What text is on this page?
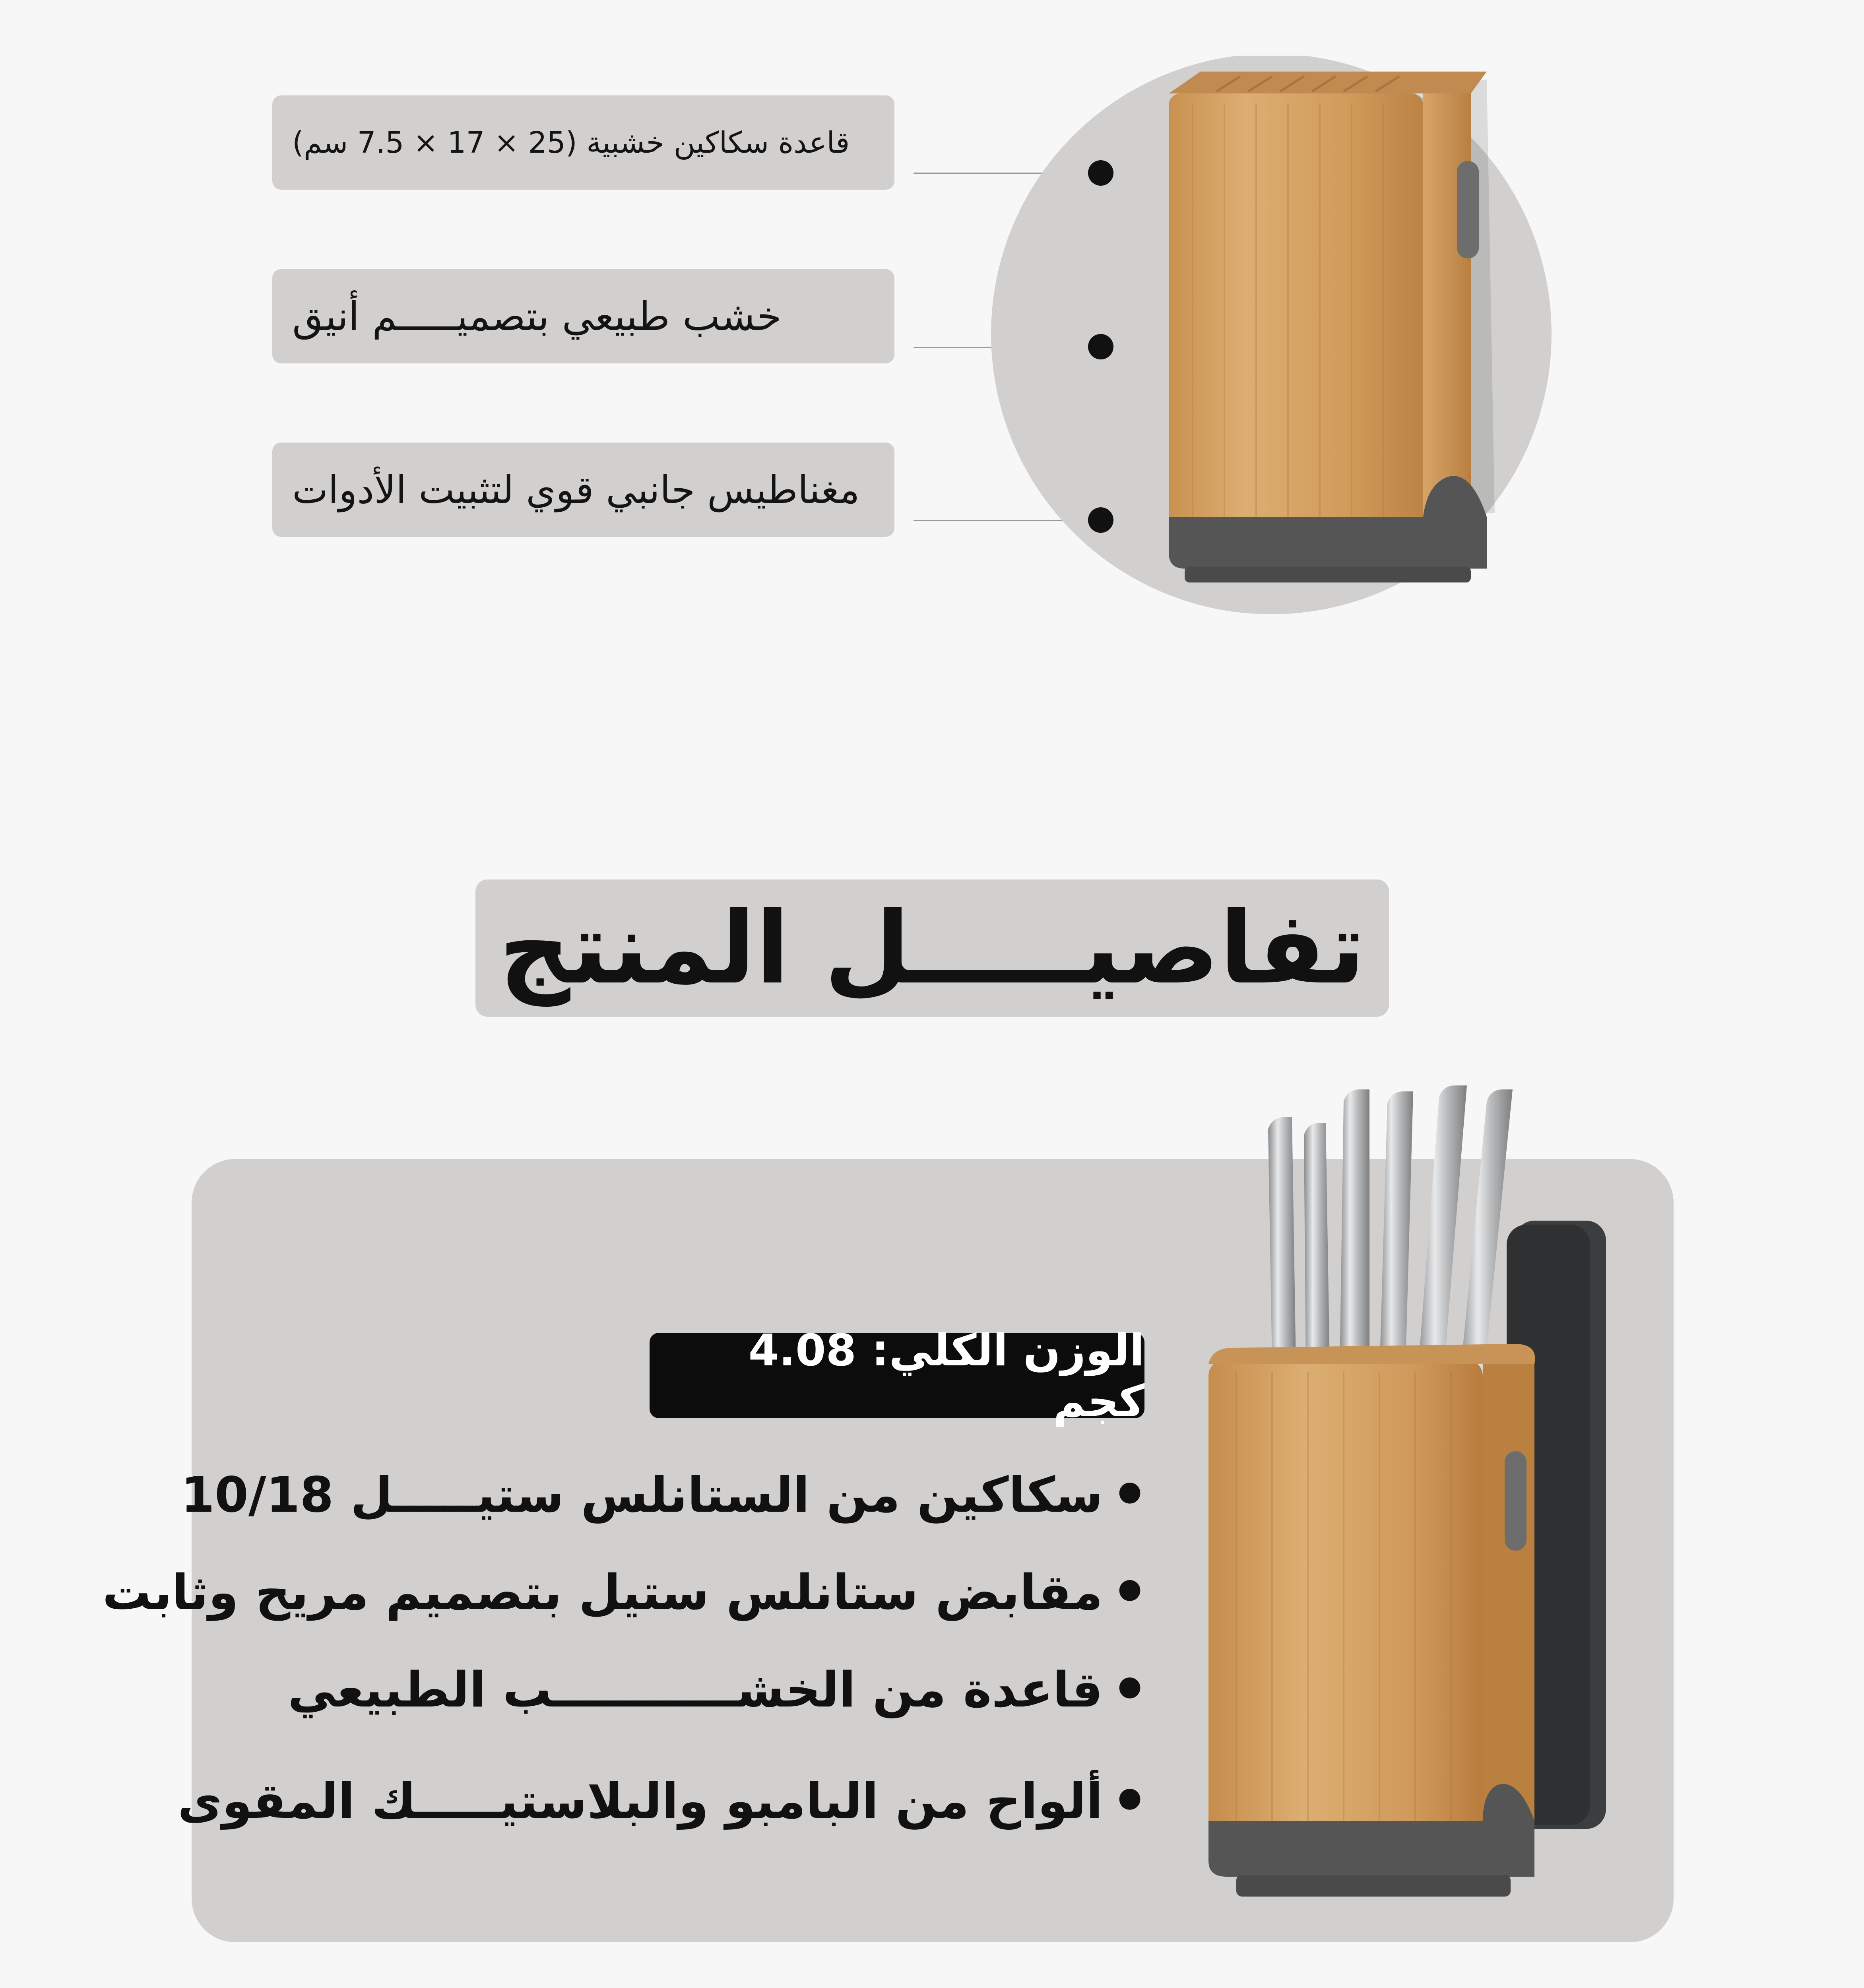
قاعدة سكاكين خشبية (25 × 17 × 7.5 سم)
خشب طبيعي بتصميـــــم أنيق
مغناطيس جانبي قوي لتثبيت الأدوات
تفاصيـــــل المنتج
الوزن الكلي: 4.08 كجم
•
سكاكين من الستانلس ستيـــــل 10/18
•
مقابض ستانلس ستيل بتصميم مريح وثابت
•
قاعدة من الخشـــــــــــب الطبيعي
•
ألواح من البامبو والبلاستيـــــك المقوى
